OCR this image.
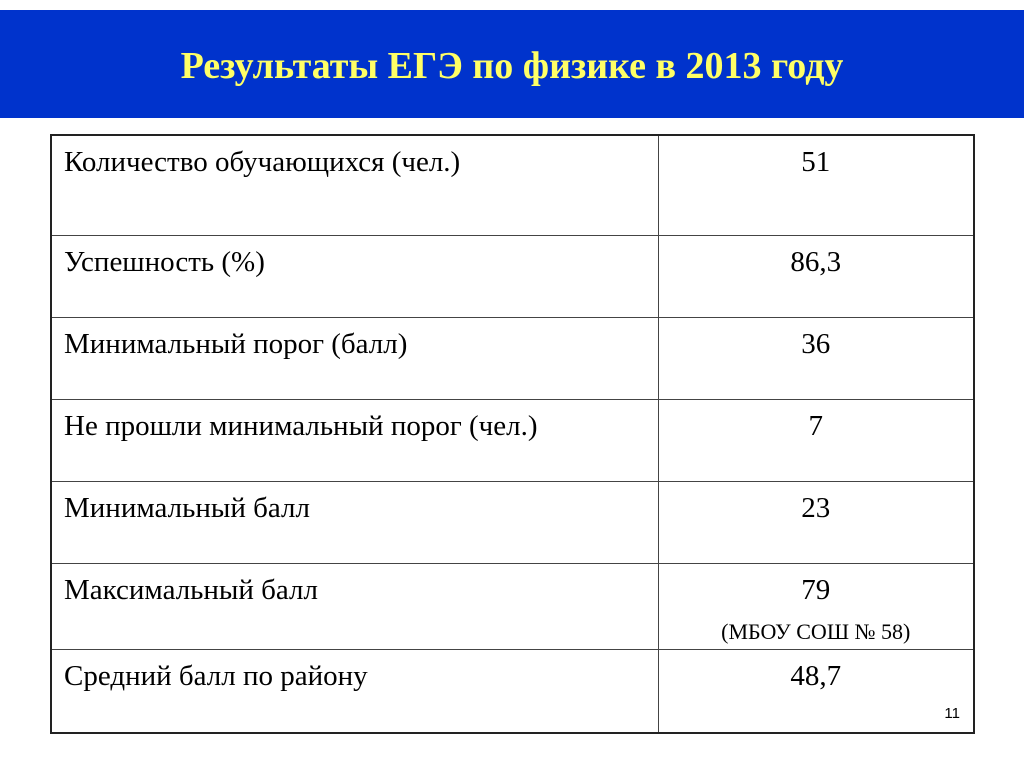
Результаты ЕГЭ по физике в 2013 году
Количество обучающихся (чел.)	51
Успешность (%)	86,3
Минимальный порог (балл)	36
Не прошли минимальный порог (чел.)	7
Минимальный балл	23
Максимальный балл	79
(МБОУ СОШ № 58)

Средний балл по району	48,7
11
